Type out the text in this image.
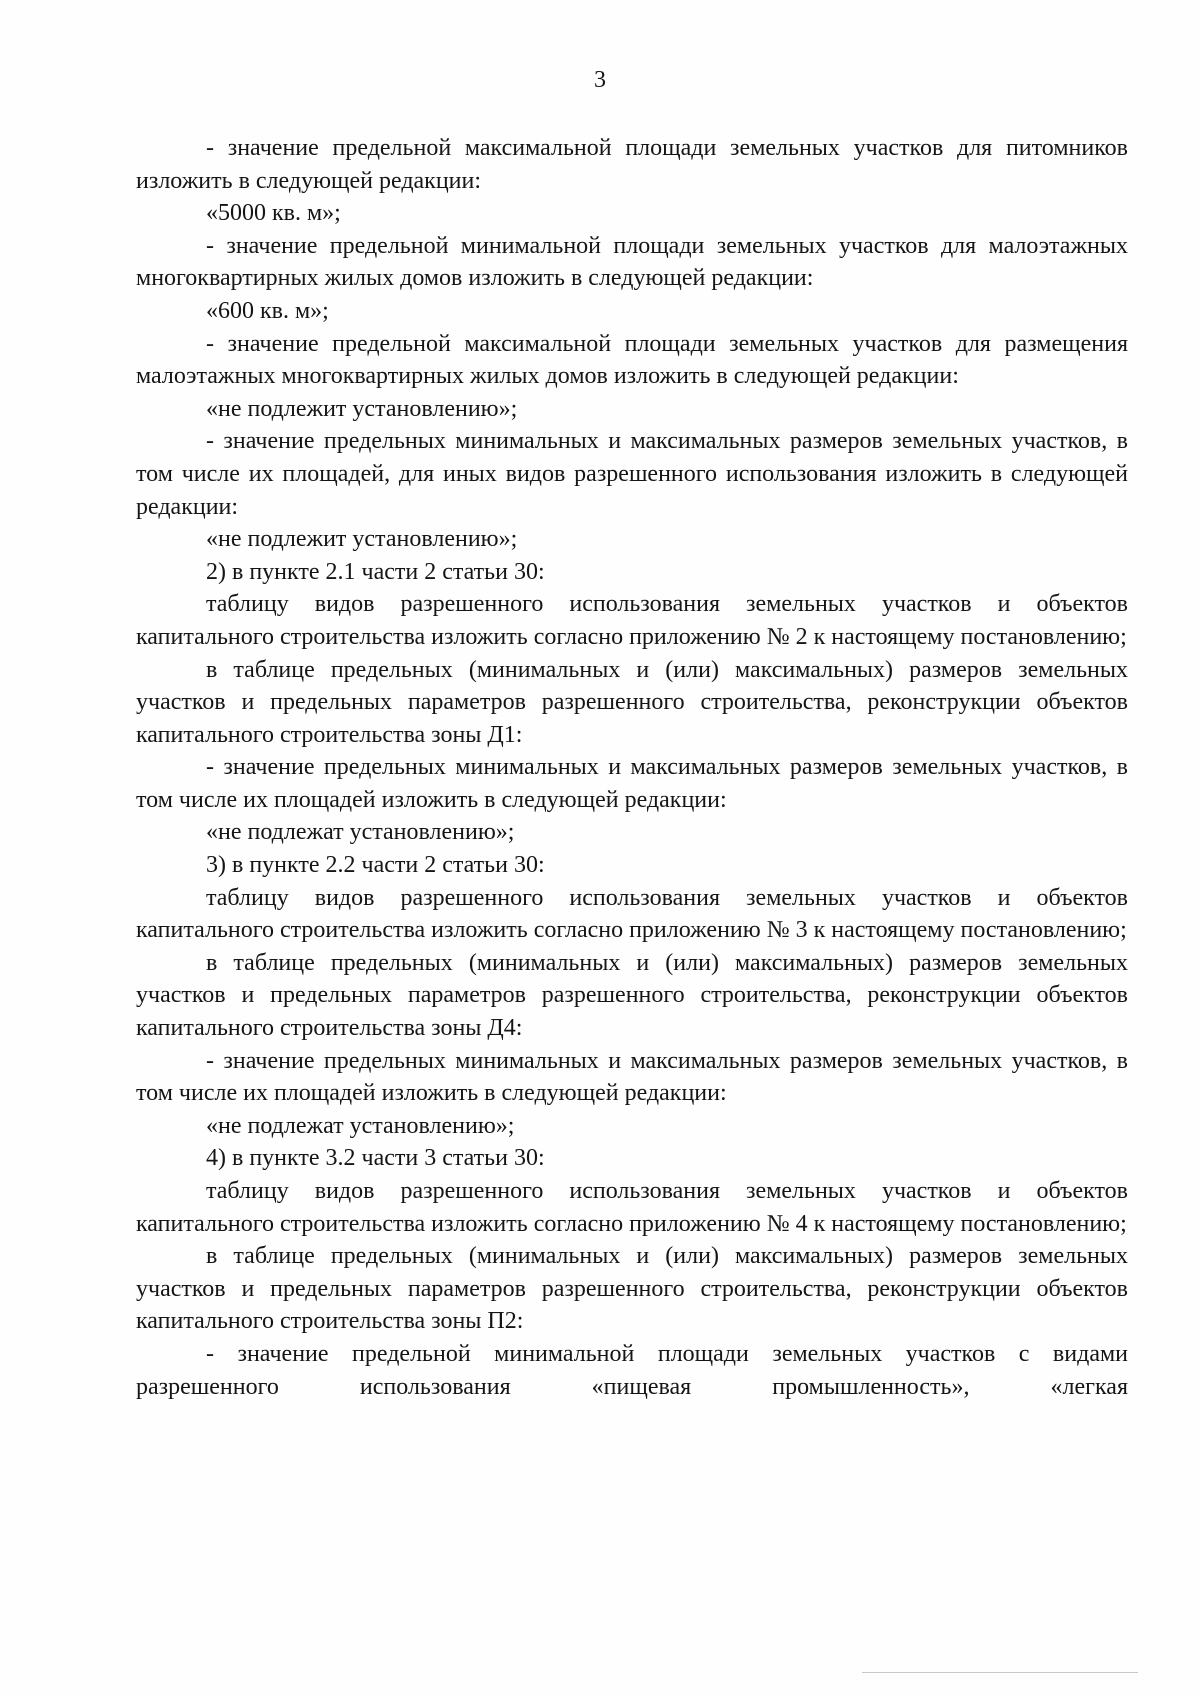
3

- значение предельной максимальной площади земельных участков для питомников изложить в следующей редакции:

«5000 кв. м»;

- значение предельной минимальной площади земельных участков для малоэтажных многоквартирных жилых домов изложить в следующей редакции:

«600 кв. м»;

- значение предельной максимальной площади земельных участков для размещения малоэтажных многоквартирных жилых домов изложить в следующей редакции:

«не подлежит установлению»;

- значение предельных минимальных и максимальных размеров земельных участков, в том числе их площадей, для иных видов разрешенного использования изложить в следующей редакции:

«не подлежит установлению»;

2) в пункте 2.1 части 2 статьи 30:

таблицу видов разрешенного использования земельных участков и объектов капитального строительства изложить согласно приложению № 2 к настоящему постановлению;

в таблице предельных (минимальных и (или) максимальных) размеров земельных участков и предельных параметров разрешенного строительства, реконструкции объектов капитального строительства зоны Д1:

- значение предельных минимальных и максимальных размеров земельных участков, в том числе их площадей изложить в следующей редакции:

«не подлежат установлению»;

3) в пункте 2.2 части 2 статьи 30:

таблицу видов разрешенного использования земельных участков и объектов капитального строительства изложить согласно приложению № 3 к настоящему постановлению;

в таблице предельных (минимальных и (или) максимальных) размеров земельных участков и предельных параметров разрешенного строительства, реконструкции объектов капитального строительства зоны Д4:

- значение предельных минимальных и максимальных размеров земельных участков, в том числе их площадей изложить в следующей редакции:

«не подлежат установлению»;

4) в пункте 3.2 части 3 статьи 30:

таблицу видов разрешенного использования земельных участков и объектов капитального строительства изложить согласно приложению № 4 к настоящему постановлению;

в таблице предельных (минимальных и (или) максимальных) размеров земельных участков и предельных параметров разрешенного строительства, реконструкции объектов капитального строительства зоны П2:

- значение предельной минимальной площади земельных участков с видами разрешенного использования «пищевая промышленность», «легкая
